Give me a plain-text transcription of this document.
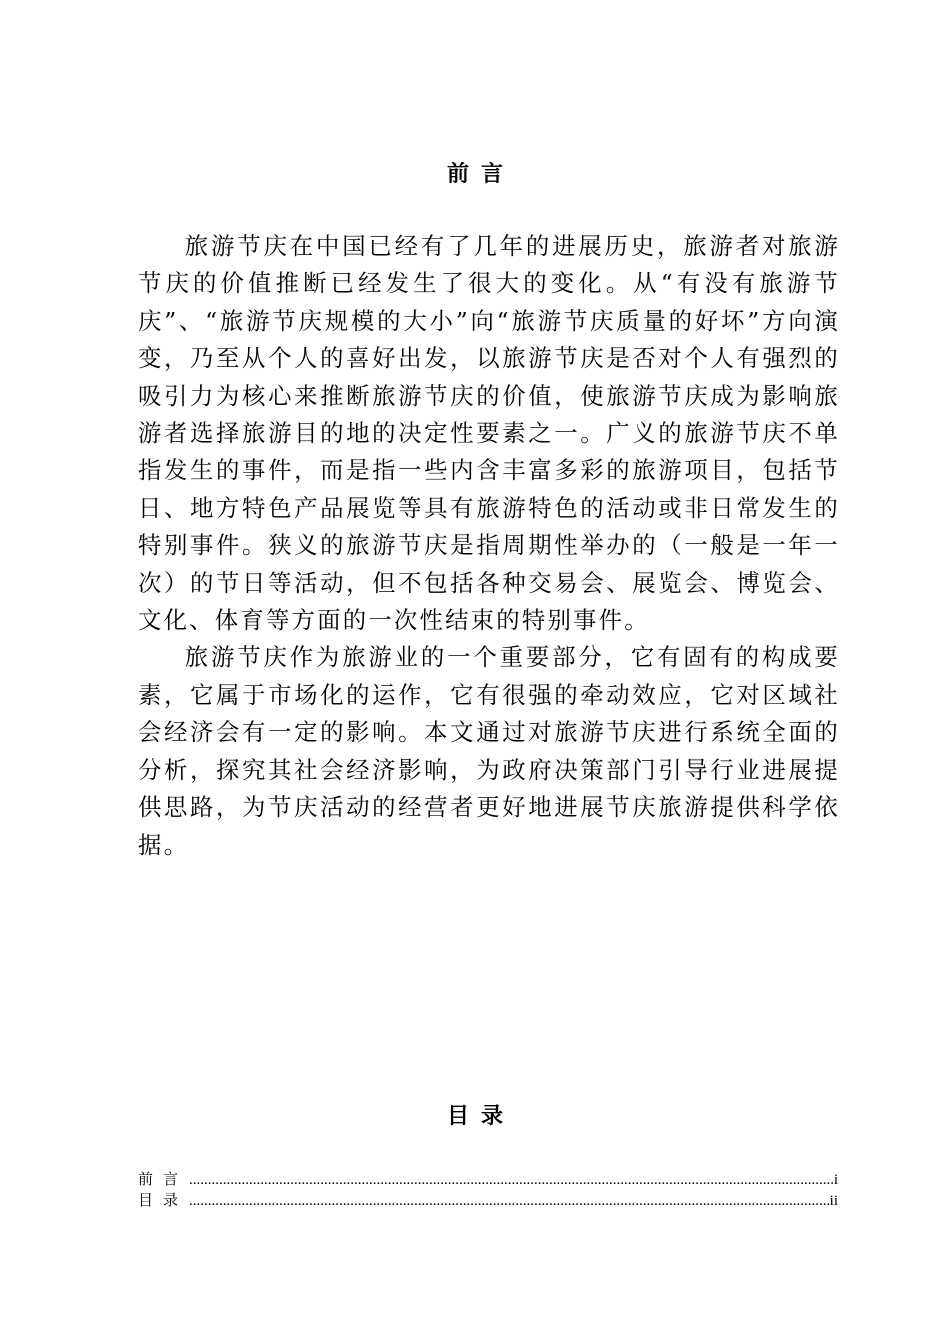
前言

旅游节庆在中国已经有了几年的进展历史，旅游者对旅游节庆的价值推断已经发生了很大的变化。从“有没有旅游节庆”、“旅游节庆规模的大小”向“旅游节庆质量的好坏”方向演变，乃至从个人的喜好出发，以旅游节庆是否对个人有强烈的吸引力为核心来推断旅游节庆的价值，使旅游节庆成为影响旅游者选择旅游目的地的决定性要素之一。广义的旅游节庆不单指发生的事件，而是指一些内含丰富多彩的旅游项目，包括节日、地方特色产品展览等具有旅游特色的活动或非日常发生的特别事件。狭义的旅游节庆是指周期性举办的（一般是一年一次）的节日等活动，但不包括各种交易会、展览会、博览会、文化、体育等方面的一次性结束的特别事件。

旅游节庆作为旅游业的一个重要部分，它有固有的构成要素，它属于市场化的运作，它有很强的牵动效应，它对区域社会经济会有一定的影响。本文通过对旅游节庆进行系统全面的分析，探究其社会经济影响，为政府决策部门引导行业进展提供思路，为节庆活动的经营者更好地进展节庆旅游提供科学依据。

目录
前言 .....	i
目录 .....	ii
